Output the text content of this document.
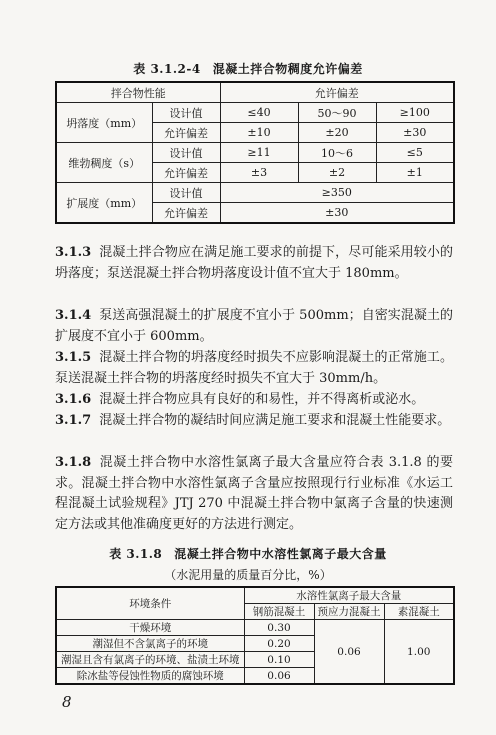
表 3.1.2-4 混凝土拌合物稠度允许偏差
拌合物性能		允许偏差		
坍落度（mm）	设计值	≤40	50～90	≥100
	允许偏差	±10	±20	±30
维勃稠度（s）	设计值	≥11	10～6	≤5
	允许偏差	±3	±2	±1
扩展度（mm）	设计值	≥350		
	允许偏差	±30		
3.1.3 混凝土拌合物应在满足施工要求的前提下，尽可能采用较小的坍落度；泵送混凝土拌合物坍落度设计值不宜大于 180mm。
3.1.4 泵送高强混凝土的扩展度不宜小于 500mm；自密实混凝土的扩展度不宜小于 600mm。
3.1.5 混凝土拌合物的坍落度经时损失不应影响混凝土的正常施工。泵送混凝土拌合物的坍落度经时损失不宜大于 30mm/h。
3.1.6 混凝土拌合物应具有良好的和易性，并不得离析或泌水。
3.1.7 混凝土拌合物的凝结时间应满足施工要求和混凝土性能要求。
3.1.8 混凝土拌合物中水溶性氯离子最大含量应符合表 3.1.8 的要求。混凝土拌合物中水溶性氯离子含量应按照现行行业标准《水运工程混凝土试验规程》JTJ 270 中混凝土拌合物中氯离子含量的快速测定方法或其他准确度更好的方法进行测定。
表 3.1.8 混凝土拌合物中水溶性氯离子最大含量
（水泥用量的质量百分比，%）
环境条件	水溶性氯离子最大含量		
	钢筋混凝土	预应力混凝土	素混凝土
干燥环境	0.30	0.06	1.00
潮湿但不含氯离子的环境	0.20		
潮湿且含有氯离子的环境、盐渍土环境	0.10		
除冰盐等侵蚀性物质的腐蚀环境	0.06		
8
